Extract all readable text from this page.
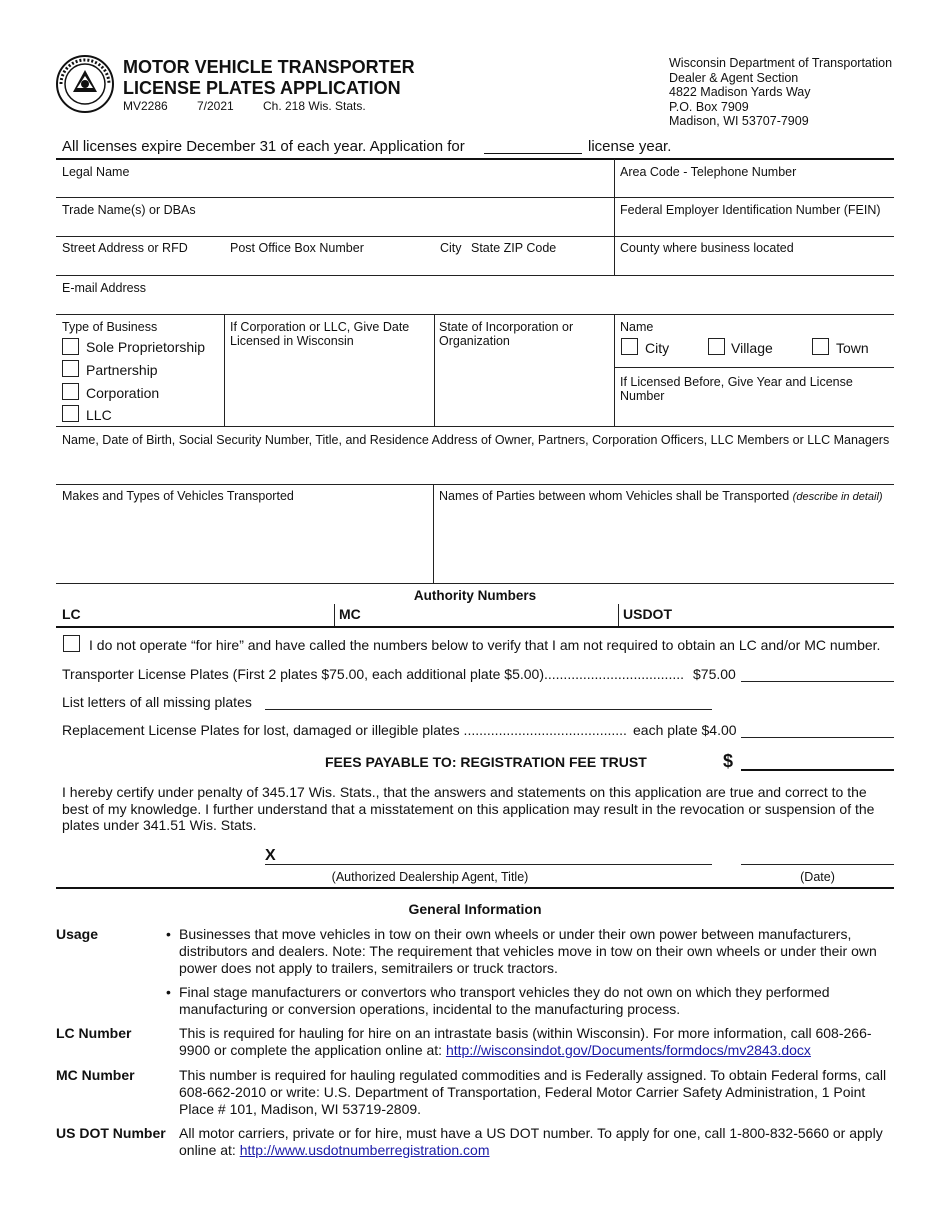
MOTOR VEHICLE TRANSPORTER
LICENSE PLATES APPLICATION
MV2286 7/2021 Ch. 218 Wis. Stats.
Wisconsin Department of Transportation
Dealer & Agent Section
4822 Madison Yards Way
P.O. Box 7909
Madison, WI 53707-7909
All licenses expire December 31 of each year. Application for	license year.
Legal Name	Area Code - Telephone Number
Trade Name(s) or DBAs	Federal Employer Identification Number (FEIN)
Street Address or RFD	Post Office Box Number	City State ZIP Code	County where business located
E-mail Address
Type of Business
Sole Proprietorship
Partnership
Corporation
LLC
If Corporation or LLC, Give Date Licensed in Wisconsin
State of Incorporation or Organization
Name
City	Village	Town
If Licensed Before, Give Year and License Number
Name, Date of Birth, Social Security Number, Title, and Residence Address of Owner, Partners, Corporation Officers, LLC Members or LLC Managers
Makes and Types of Vehicles Transported	Names of Parties between whom Vehicles shall be Transported (describe in detail)
Authority Numbers
LC	MC	USDOT
I do not operate “for hire” and have called the numbers below to verify that I am not required to obtain an LC and/or MC number.
Transporter License Plates (First 2 plates $75.00, each additional plate $5.00).................................... $75.00
List letters of all missing plates
Replacement License Plates for lost, damaged or illegible plates .......................................... each plate $4.00
FEES PAYABLE TO: REGISTRATION FEE TRUST	$
I hereby certify under penalty of 345.17 Wis. Stats., that the answers and statements on this application are true and correct to the best of my knowledge. I further understand that a misstatement on this application may result in the revocation or suspension of the plates under 341.51 Wis. Stats.
X
(Authorized Dealership Agent, Title)	(Date)
General Information
Usage	• Businesses that move vehicles in tow on their own wheels or under their own power between manufacturers, distributors and dealers. Note: The requirement that vehicles move in tow on their own wheels or under their own power does not apply to trailers, semitrailers or truck tractors.
• Final stage manufacturers or convertors who transport vehicles they do not own on which they performed manufacturing or conversion operations, incidental to the manufacturing process.
LC Number	This is required for hauling for hire on an intrastate basis (within Wisconsin). For more information, call 608-266-9900 or complete the application online at: http://wisconsindot.gov/Documents/formdocs/mv2843.docx
MC Number	This number is required for hauling regulated commodities and is Federally assigned. To obtain Federal forms, call 608-662-2010 or write: U.S. Department of Transportation, Federal Motor Carrier Safety Administration, 1 Point Place # 101, Madison, WI 53719-2809.
US DOT Number All motor carriers, private or for hire, must have a US DOT number. To apply for one, call 1-800-832-5660 or apply online at: http://www.usdotnumberregistration.com
